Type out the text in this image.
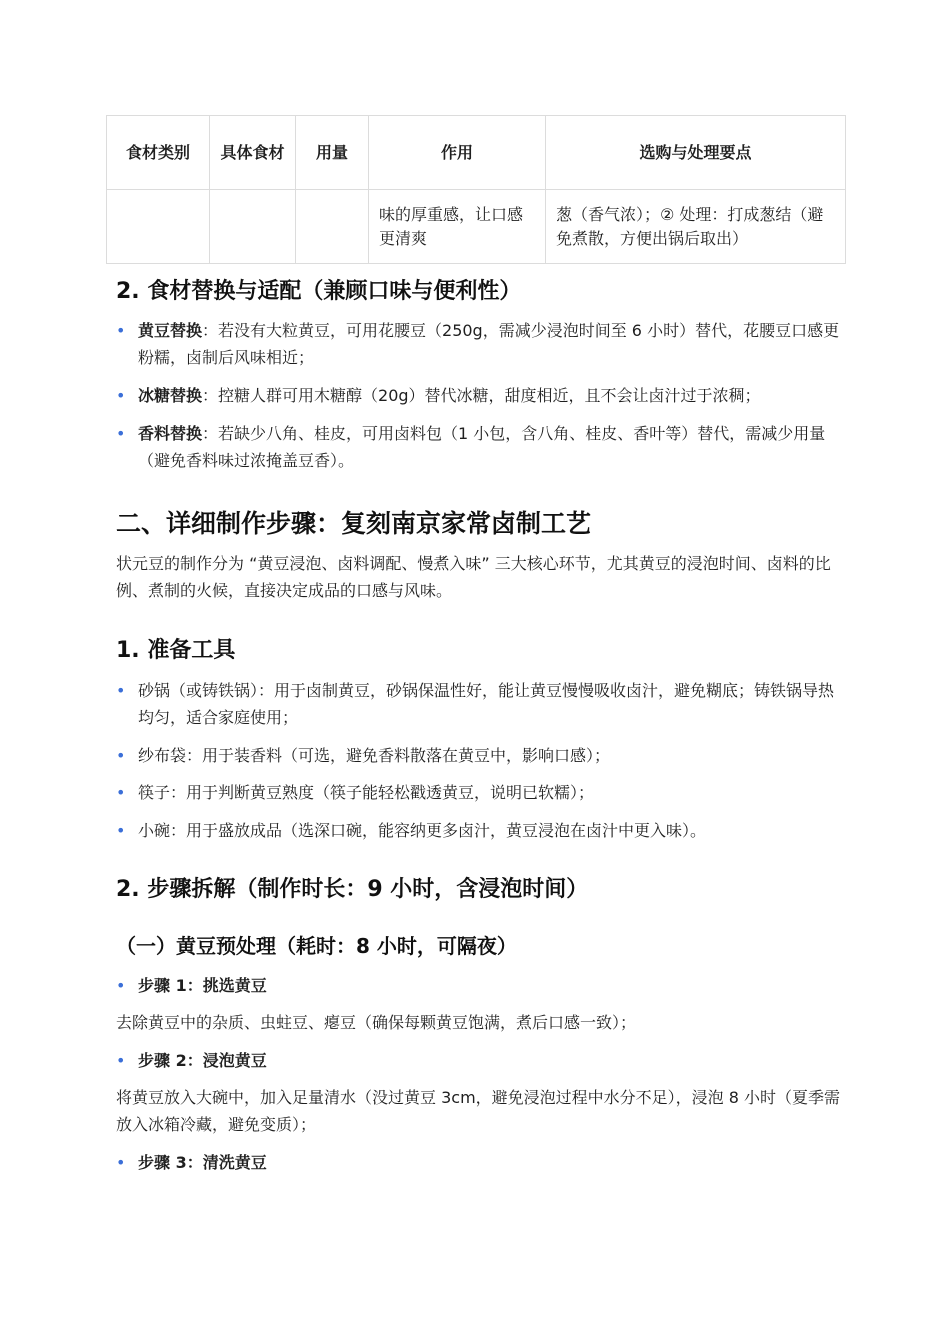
食材类别	具体食材	用量	作用	选购与处理要点
			味的厚重感，让口感更清爽	葱（香气浓）；② 处理：打成葱结（避免煮散，方便出锅后取出）
2. 食材替换与适配（兼顾口味与便利性）
• 黄豆替换：若没有大粒黄豆，可用花腰豆（250g，需减少浸泡时间至 6 小时）替代，花腰豆口感更粉糯，卤制后风味相近；
• 冰糖替换：控糖人群可用木糖醇（20g）替代冰糖，甜度相近，且不会让卤汁过于浓稠；
• 香料替换：若缺少八角、桂皮，可用卤料包（1 小包，含八角、桂皮、香叶等）替代，需减少用量（避免香料味过浓掩盖豆香）。
二、详细制作步骤：复刻南京家常卤制工艺

状元豆的制作分为 “黄豆浸泡、卤料调配、慢煮入味” 三大核心环节，尤其黄豆的浸泡时间、卤料的比例、煮制的火候，直接决定成品的口感与风味。

1. 准备工具
• 砂锅（或铸铁锅）：用于卤制黄豆，砂锅保温性好，能让黄豆慢慢吸收卤汁，避免糊底；铸铁锅导热均匀，适合家庭使用；
• 纱布袋：用于装香料（可选，避免香料散落在黄豆中，影响口感）；
• 筷子：用于判断黄豆熟度（筷子能轻松戳透黄豆，说明已软糯）；
• 小碗：用于盛放成品（选深口碗，能容纳更多卤汁，黄豆浸泡在卤汁中更入味）。
2. 步骤拆解（制作时长：9 小时，含浸泡时间）
（一）黄豆预处理（耗时：8 小时，可隔夜）
• 步骤 1：挑选黄豆

去除黄豆中的杂质、虫蛀豆、瘪豆（确保每颗黄豆饱满，煮后口感一致）；

• 步骤 2：浸泡黄豆

将黄豆放入大碗中，加入足量清水（没过黄豆 3cm，避免浸泡过程中水分不足），浸泡 8 小时（夏季需放入冰箱冷藏，避免变质）；

• 步骤 3：清洗黄豆
